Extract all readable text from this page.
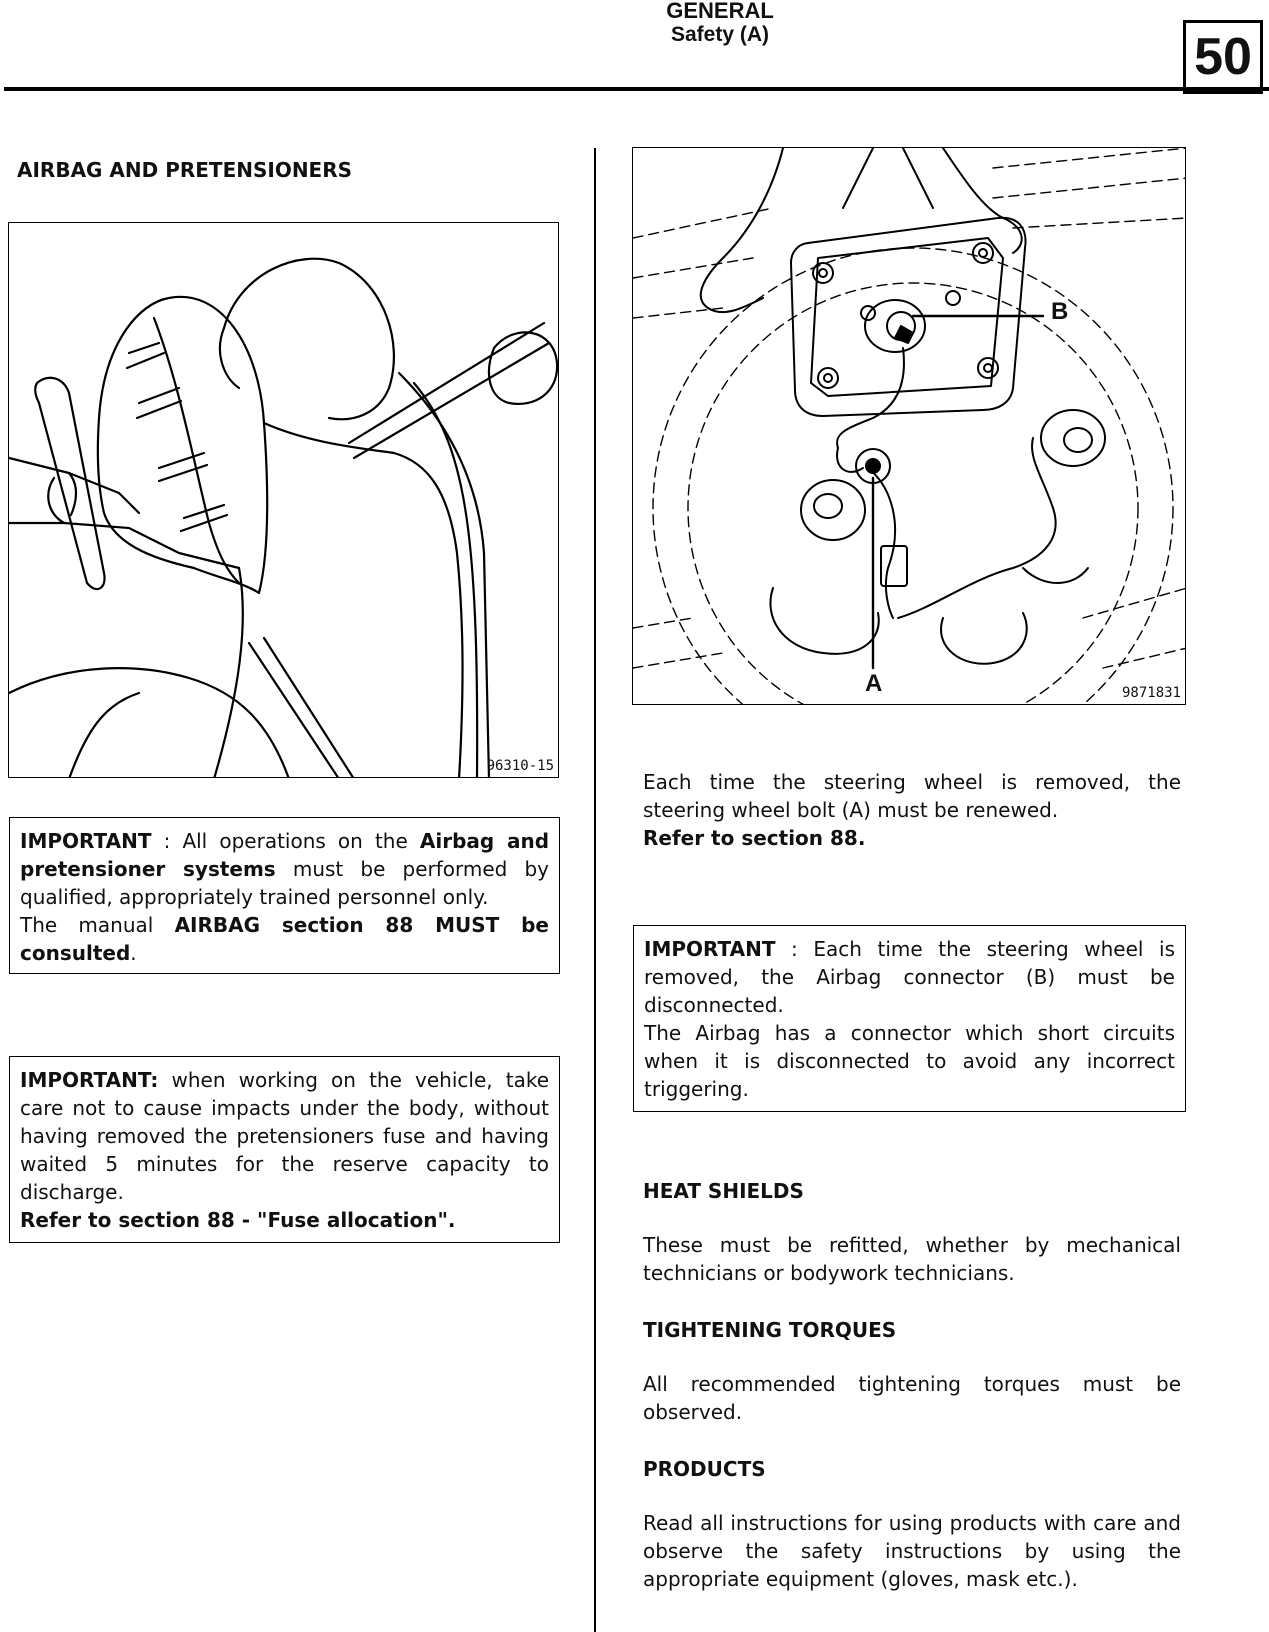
GENERAL
Safety (A)	50
AIRBAG AND PRETENSIONERS
96310-15
IMPORTANT : All operations on the Airbag and pretensioner systems must be performed by qualified, appropriately trained personnel only.
The manual AIRBAG section 88 MUST be consulted.
IMPORTANT: when working on the vehicle, take care not to cause impacts under the body, without having removed the pretensioners fuse and having waited 5 minutes for the reserve capacity to discharge.
Refer to section 88 - "Fuse allocation".
B
A	9871831
Each time the steering wheel is removed, the steering wheel bolt (A) must be renewed.
Refer to section 88.
IMPORTANT : Each time the steering wheel is removed, the Airbag connector (B) must be disconnected.
The Airbag has a connector which short circuits when it is disconnected to avoid any incorrect triggering.
HEAT SHIELDS
These must be refitted, whether by mechanical technicians or bodywork technicians.
TIGHTENING TORQUES
All recommended tightening torques must be observed.
PRODUCTS
Read all instructions for using products with care and observe the safety instructions by using the appropriate equipment (gloves, mask etc.).
